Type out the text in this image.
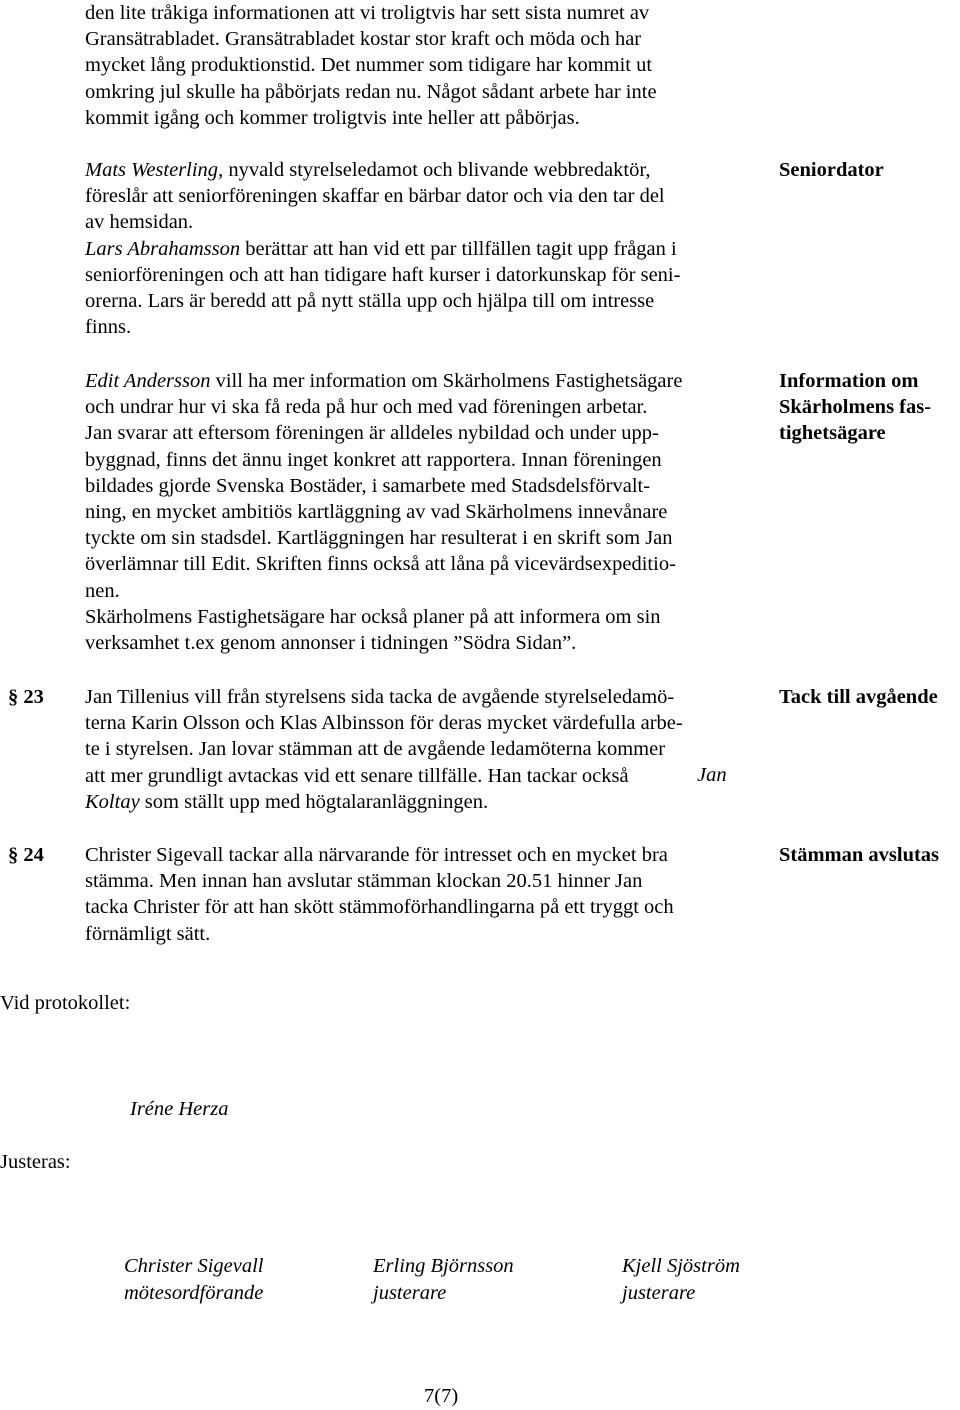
den lite tråkiga informationen att vi troligtvis har sett sista numret av
Gransätrabladet. Gransätrabladet kostar stor kraft och möda och har
mycket lång produktionstid. Det nummer som tidigare har kommit ut
omkring jul skulle ha påbörjats redan nu. Något sådant arbete har inte
kommit igång och kommer troligtvis inte heller att påbörjas.
Seniordator
Mats Westerling, nyvald styrelseledamot och blivande webbredaktör,
föreslår att seniorföreningen skaffar en bärbar dator och via den tar del
av hemsidan.
Lars Abrahamsson berättar att han vid ett par tillfällen tagit upp frågan i
seniorföreningen och att han tidigare haft kurser i datorkunskap för seni-
orerna. Lars är beredd att på nytt ställa upp och hjälpa till om intresse
finns.
Information om
Skärholmens fas-
tighetsägare
Edit Andersson vill ha mer information om Skärholmens Fastighetsägare
och undrar hur vi ska få reda på hur och med vad föreningen arbetar.
Jan svarar att eftersom föreningen är alldeles nybildad och under upp-
byggnad, finns det ännu inget konkret att rapportera. Innan föreningen
bildades gjorde Svenska Bostäder, i samarbete med Stadsdelsförvalt-
ning, en mycket ambitiös kartläggning av vad Skärholmens innevånare
tyckte om sin stadsdel. Kartläggningen har resulterat i en skrift som Jan
överlämnar till Edit. Skriften finns också att låna på vicevärdsexpeditio-
nen.
Skärholmens Fastighetsägare har också planer på att informera om sin
verksamhet t.ex genom annonser i tidningen ”Södra Sidan”.
§ 23	Tack till avgående
Jan Tillenius vill från styrelsens sida tacka de avgående styrelseledamö-
terna Karin Olsson och Klas Albinsson för deras mycket värdefulla arbe-
te i styrelsen. Jan lovar stämman att de avgående ledamöterna kommer
att mer grundligt avtackas vid ett senare tillfälle. Han tackar också
Koltay som ställt upp med högtalaranläggningen.
Jan
§ 24	Stämman avslutas
Christer Sigevall tackar alla närvarande för intresset och en mycket bra
stämma. Men innan han avslutar stämman klockan 20.51 hinner Jan
tacka Christer för att han skött stämmoförhandlingarna på ett tryggt och
förnämligt sätt.
Vid protokollet:
Iréne Herza
Justeras:
Christer Sigevall
mötesordförande
Erling Björnsson
justerare
Kjell Sjöström
justerare
7(7)
